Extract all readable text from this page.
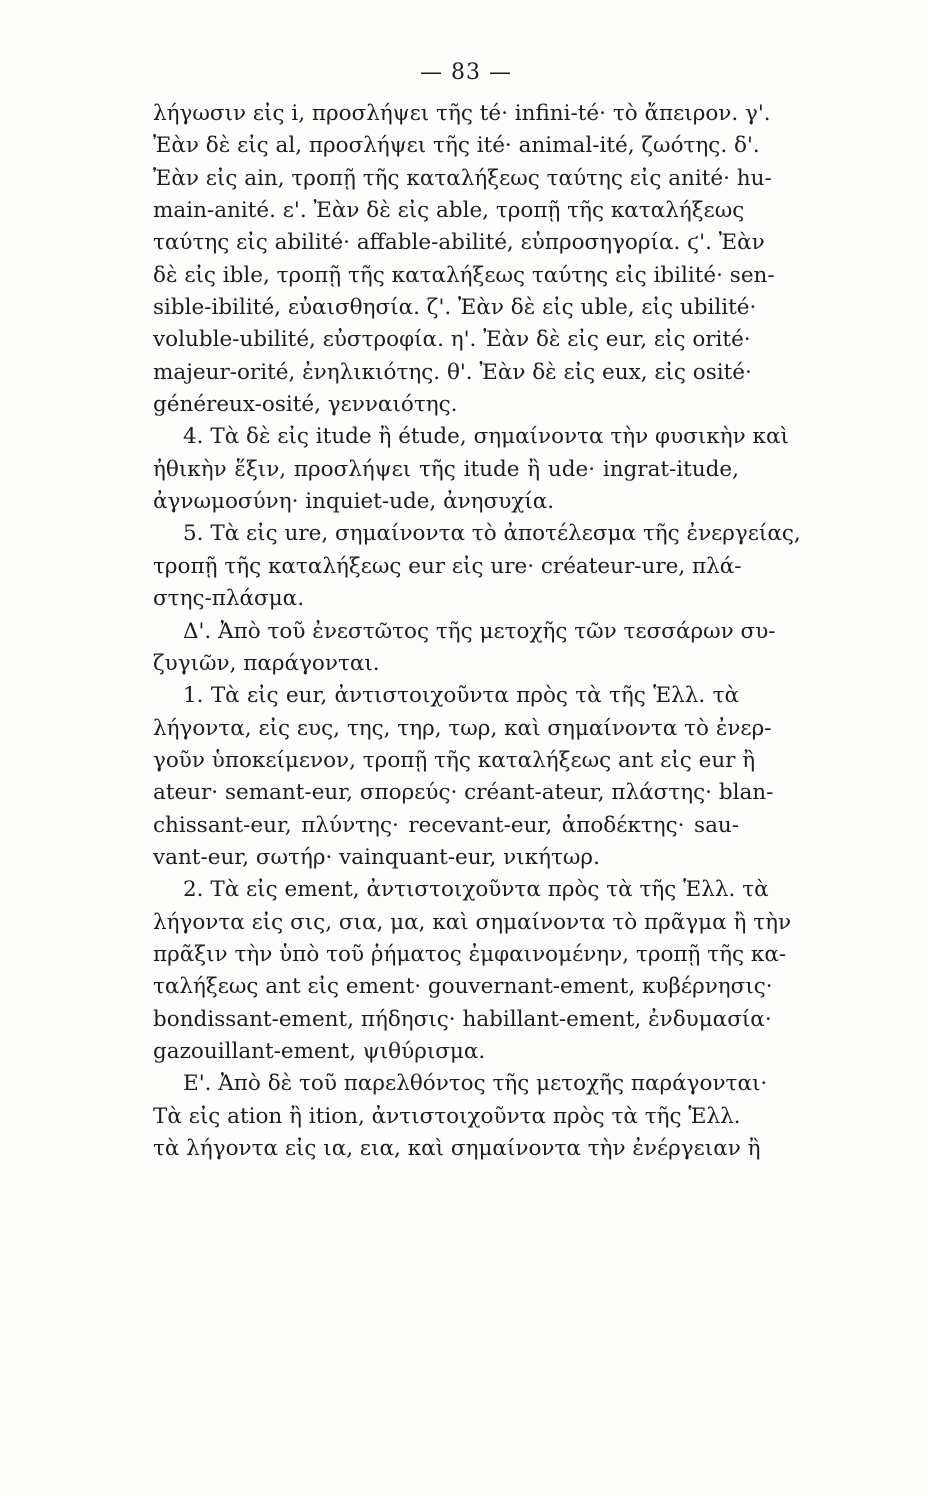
— 83 —
λήγωσιν εἰς i, προσλήψει τῆς té· infini-té· τὸ ἄπειρον. γ'.
Ἐὰν δὲ εἰς al, προσλήψει τῆς ité· animal-ité, ζωότης. δ'.
Ἐὰν εἰς ain, τροπῇ τῆς καταλήξεως ταύτης εἰς anité· hu-
main-anité. ε'. Ἐὰν δὲ εἰς able, τροπῇ τῆς καταλήξεως
ταύτης εἰς abilité· affable-abilité, εὐπροσηγορία. ϛ'. Ἐὰν
δὲ εἰς ible, τροπῇ τῆς καταλήξεως ταύτης εἰς ibilité· sen-
sible-ibilité, εὐαισθησία. ζ'. Ἐὰν δὲ εἰς uble, εἰς ubilité·
voluble-ubilité, εὐστροφία. η'. Ἐὰν δὲ εἰς eur, εἰς orité·
majeur-orité, ἐνηλικιότης. θ'. Ἐὰν δὲ εἰς eux, εἰς osité·
généreux-osité, γενναιότης.
4. Τὰ δὲ εἰς itude ἢ étude, σημαίνοντα τὴν φυσικὴν καὶ
ἠθικὴν ἕξιν, προσλήψει τῆς itude ἢ ude· ingrat-itude,
ἀγνωμοσύνη· inquiet-ude, ἀνησυχία.
5. Τὰ εἰς ure, σημαίνοντα τὸ ἀποτέλεσμα τῆς ἐνεργείας,
τροπῇ τῆς καταλήξεως eur εἰς ure· créateur-ure, πλά-
στης-πλάσμα.
Δ'. Ἀπὸ τοῦ ἐνεστῶτος τῆς μετοχῆς τῶν τεσσάρων συ-
ζυγιῶν, παράγονται.
1. Τὰ εἰς eur, ἀντιστοιχοῦντα πρὸς τὰ τῆς Ἑλλ. τὰ
λήγοντα, εἰς ευς, της, τηρ, τωρ, καὶ σημαίνοντα τὸ ἐνερ-
γοῦν ὑποκείμενον, τροπῇ τῆς καταλήξεως ant εἰς eur ἢ
ateur· semant-eur, σπορεύς· créant-ateur, πλάστης· blan-
chissant-eur, πλύντης· recevant-eur, ἀποδέκτης· sau-
vant-eur, σωτήρ· vainquant-eur, νικήτωρ.
2. Τὰ εἰς ement, ἀντιστοιχοῦντα πρὸς τὰ τῆς Ἑλλ. τὰ
λήγοντα εἰς σις, σια, μα, καὶ σημαίνοντα τὸ πρᾶγμα ἢ τὴν
πρᾶξιν τὴν ὑπὸ τοῦ ῥήματος ἐμφαινομένην, τροπῇ τῆς κα-
ταλήξεως ant εἰς ement· gouvernant-ement, κυβέρνησις·
bondissant-ement, πήδησις· habillant-ement, ἐνδυμασία·
gazouillant-ement, ψιθύρισμα.
Ε'. Ἀπὸ δὲ τοῦ παρελθόντος τῆς μετοχῆς παράγονται·
Τὰ εἰς ation ἢ ition, ἀντιστοιχοῦντα πρὸς τὰ τῆς Ἑλλ.
τὰ λήγοντα εἰς ια, εια, καὶ σημαίνοντα τὴν ἐνέργειαν ἢ
